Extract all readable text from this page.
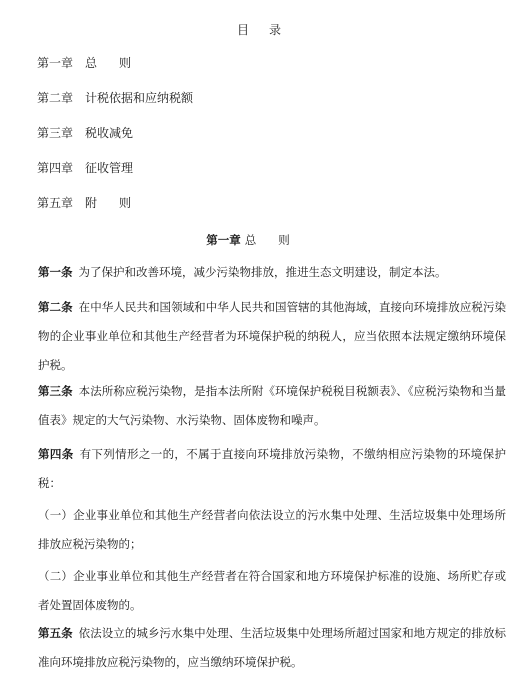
目录
第一章 总则
第二章 计税依据和应纳税额
第三章 税收减免
第四章 征收管理
第五章 附则
第一章 总则
第一条 为了保护和改善环境，减少污染物排放，推进生态文明建设，制定本法。
第二条 在中华人民共和国领域和中华人民共和国管辖的其他海域，直接向环境排放应税污染物的企业事业单位和其他生产经营者为环境保护税的纳税人，应当依照本法规定缴纳环境保护税。
第三条 本法所称应税污染物，是指本法所附《环境保护税税目税额表》、《应税污染物和当量值表》规定的大气污染物、水污染物、固体废物和噪声。
第四条 有下列情形之一的，不属于直接向环境排放污染物，不缴纳相应污染物的环境保护税：
（一）企业事业单位和其他生产经营者向依法设立的污水集中处理、生活垃圾集中处理场所排放应税污染物的；
（二）企业事业单位和其他生产经营者在符合国家和地方环境保护标准的设施、场所贮存或者处置固体废物的。
第五条 依法设立的城乡污水集中处理、生活垃圾集中处理场所超过国家和地方规定的排放标准向环境排放应税污染物的，应当缴纳环境保护税。
